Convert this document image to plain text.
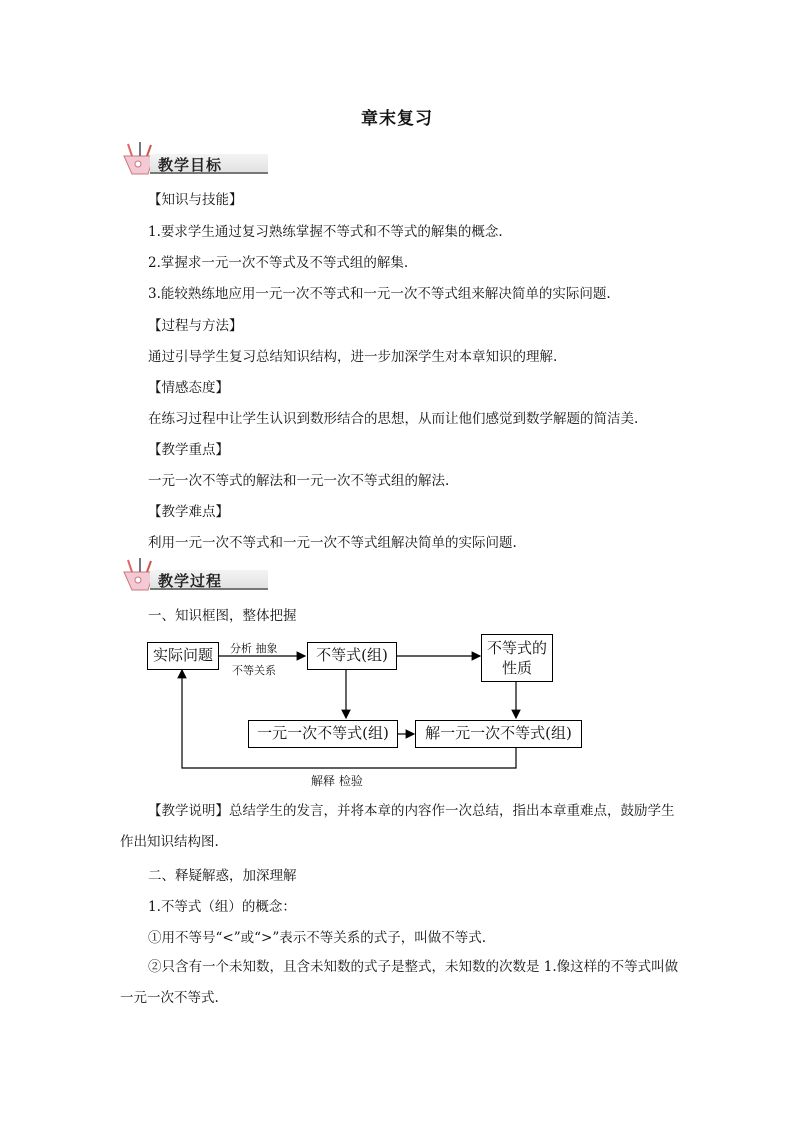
章末复习
教学目标
【知识与技能】
1.要求学生通过复习熟练掌握不等式和不等式的解集的概念.
2.掌握求一元一次不等式及不等式组的解集.
3.能较熟练地应用一元一次不等式和一元一次不等式组来解决简单的实际问题.
【过程与方法】
通过引导学生复习总结知识结构，进一步加深学生对本章知识的理解.
【情感态度】
在练习过程中让学生认识到数形结合的思想，从而让他们感觉到数学解题的简洁美.
【教学重点】
一元一次不等式的解法和一元一次不等式组的解法.
【教学难点】
利用一元一次不等式和一元一次不等式组解决简单的实际问题.
教学过程
一、知识框图，整体把握
实际问题	不等式(组)	不等式的
性质
一元一次不等式(组)	解一元一次不等式(组)
分析 抽象
不等关系
解释 检验
【教学说明】总结学生的发言，并将本章的内容作一次总结，指出本章重难点，鼓励学生作出知识结构图.
二、释疑解惑，加深理解
1.不等式（组）的概念：
①用不等号“<”或“>”表示不等关系的式子，叫做不等式.
②只含有一个未知数，且含未知数的式子是整式，未知数的次数是 1.像这样的不等式叫做一元一次不等式.
